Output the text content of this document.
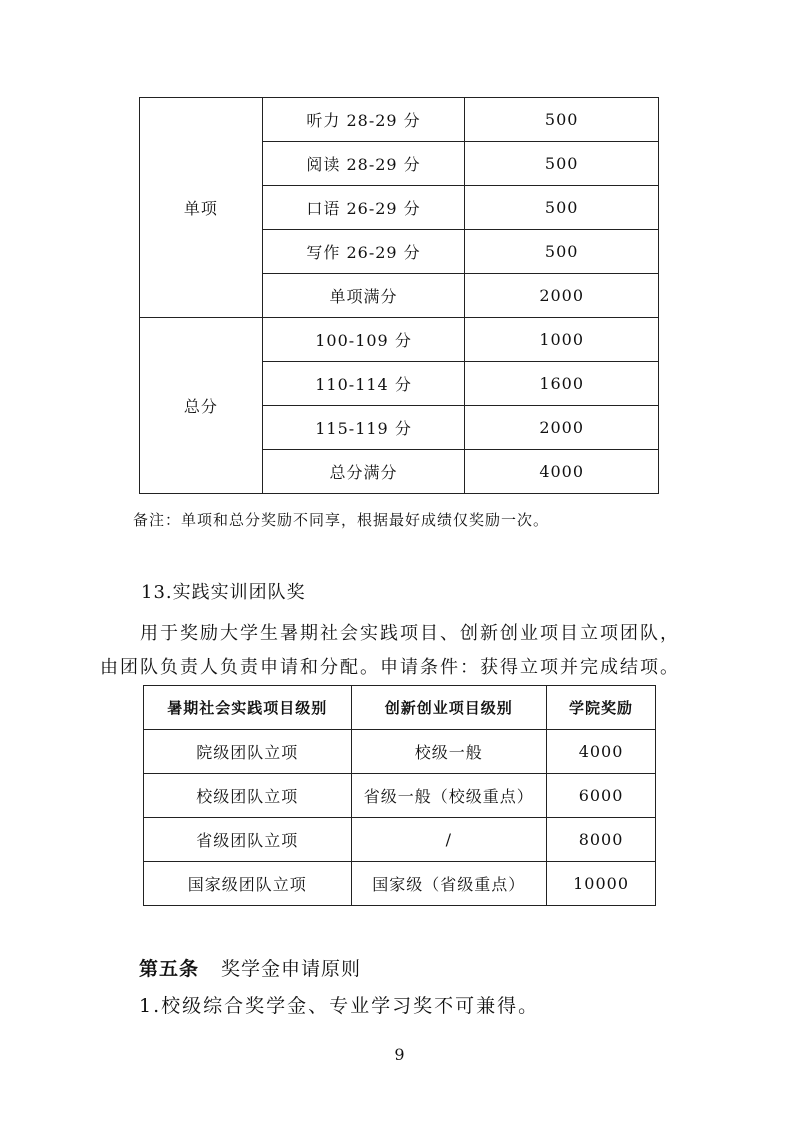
单项	听力 28-29 分	500
	阅读 28-29 分	500
	口语 26-29 分	500
	写作 26-29 分	500
	单项满分	2000
总分	100-109 分	1000
	110-114 分	1600
	115-119 分	2000
	总分满分	4000
备注：单项和总分奖励不同享，根据最好成绩仅奖励一次。
13.实践实训团队奖
用于奖励大学生暑期社会实践项目、创新创业项目立项团队，
由团队负责人负责申请和分配。申请条件：获得立项并完成结项。
暑期社会实践项目级别	创新创业项目级别	学院奖励
院级团队立项	校级一般	4000
校级团队立项	省级一般（校级重点）	6000
省级团队立项	/	8000
国家级团队立项	国家级（省级重点）	10000
第五条 奖学金申请原则
1.校级综合奖学金、专业学习奖不可兼得。
9
